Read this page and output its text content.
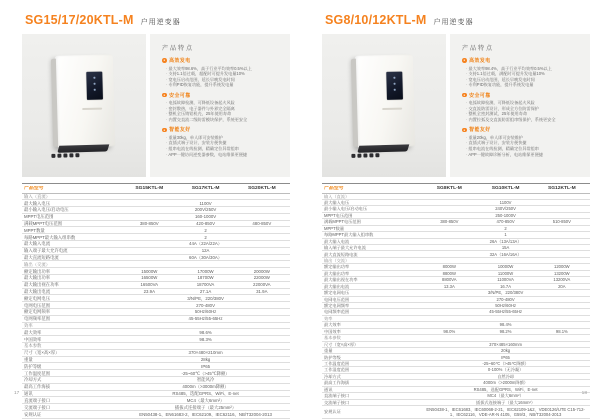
SG15/17/20KTL-M 户用逆变器
产品特点
● 高效发电
· 最大效率98.6%，高于行业平均效率0.5%以上
· 支持1.1倍过载，超配时可提升发电量10%
· 宽电压启动范围，延长早晚发电时间
· 专利PID恢复功能，提升系统发电量
● 安全可靠
· 电弧故障检测，可降低设备起火风险
· 密封散热，电子器件与外界完全隔离
· 整机全压铸铝机壳，25年使用寿命
· 内置交直流二级防雷模块保护，系统更安全
● 智能友好
· 重量30kg，单人即可安装维护
· 直插式端子设计，安装方便快捷
· 组串电流在线检测，精确定位异常组串
· APP一键访问逆变器参数，电站维保更便捷
产品型号	SG15KTL-M	SG17KTL-M	SG20KTL-M
输入（直流）
最大输入电压	1100V
最小输入电压/启动电压	200V/250V
MPPT电压范围	160-1000V
满载MPPT电压范围	380-850V	420-850V	480-850V
MPPT数量	2
每路MPPT最大输入组串数	2
最大输入电流	44A（22A/22A）
输入端子最大允许电流	12A
最大直流短路电流	60A（30A/30A）
输出（交流）
额定输出功率	15000W	17000W	20000W
最大输出功率	16500W	18700W	22000W
最大输出视在功率	16500VA	18700VA	22000VA
最大输出电流	23.9A	27.1A	31.9A
额定电网电压	3/N/PE，220/380V
电网电压范围	270-480V
额定电网频率	50Hz/60Hz
电网频率范围	45-55Hz/55-65Hz
效率
最大效率	98.6%
中国效率	98.3%
基本参数
尺寸（宽×高×厚）	370×480×210mm
重量	28kg
防护等级	IP65
工作温度范围	-25~60℃（>45℃降额）
冷却方式	智能风冷
最高工作海拔	4000m（>3000m降额）
通讯	RS485，选配GPRS、WiFi、E-net
直流端子接口	MC4（最大6mm²）
交流端子接口	插拔式连接端子（最大25mm²）
安规认证	EN50438-1、EN61683-2、IEC62109、IEC62116、NB/T32004-2013
17
SG8/10/12KTL-M 户用逆变器
产品特点
● 高效发电
· 最大效率98.4%，高于行业平均效率0.5%以上
· 支持1.1倍过载，满配时可提升发电量10%
· 宽电压启动范围，延长早晚发电时间
· 专利PID恢复功能，提升系统发电量
● 安全可靠
· 电弧故障检测，可降低设备起火风险
· 交直流防雷设计，形成全方位防雷保护
· 整机全密封测试，25年使用寿命
· 内置拉弧及交直流防雷组串级保护，系统更安全
● 智能友好
· 重量20kg，单人即可安装维护
· 直插式端子设计，安装方便快捷
· 组串电流在线检测，精确定位异常组串
· APP一键故障诊断分析，电站维保更便捷
产品型号	SG8KTL-M	SG10KTL-M	SG12KTL-M
输入（直流）
最大输入电压	1100V
最小输入电压/启动电压	240V/250V
MPPT电压范围	250-1000V
满载MPPT电压范围	380-850V	470-850V	510-850V
MPPT数量	2
每路MPPT最大输入组串数	1
最大输入电流	26A（13A/13A）
输入端子最大允许电流	15A
最大直流短路电流	32A（16A/16A）
输出（交流）
额定输出功率	8000W	10000W	12000W
最大输出功率	8800W	11000W	13200W
最大输出视在功率	8800VA	11000VA	13200VA
最大输出电流	13.3A	16.7A	20A
额定电网电压	3/N/PE，220/380V
电网电压范围	270-480V
额定电网频率	50Hz/60Hz
电网频率范围	45-55Hz/55-65Hz
效率
最大效率	98.4%
中国效率	98.0%	98.2%	98.1%
基本参数
尺寸（宽×高×厚）	370×485×160mm
重量	20kg
防护等级	IP65
工作温度范围	-25~60℃（>45℃降额）
工作湿度范围	0-100%（无冷凝）
冷却方式	自然冷却
最高工作海拔	4000m（>2000m降额）
通讯	RS485，选配GPRS、WiFi、E-net
直流端子接口	MC4（最大6mm²）
交流端子接口	插拔式连接端子（最大16mm²）
安规认证	EN50438-1、IEC61683、IEC60068-2-21、IEC62109-1&2、VDE0126/UTE C15-712-1、IEC62116、VDE-AR-N 4105、G59/3、NB/T32004-2013
18
